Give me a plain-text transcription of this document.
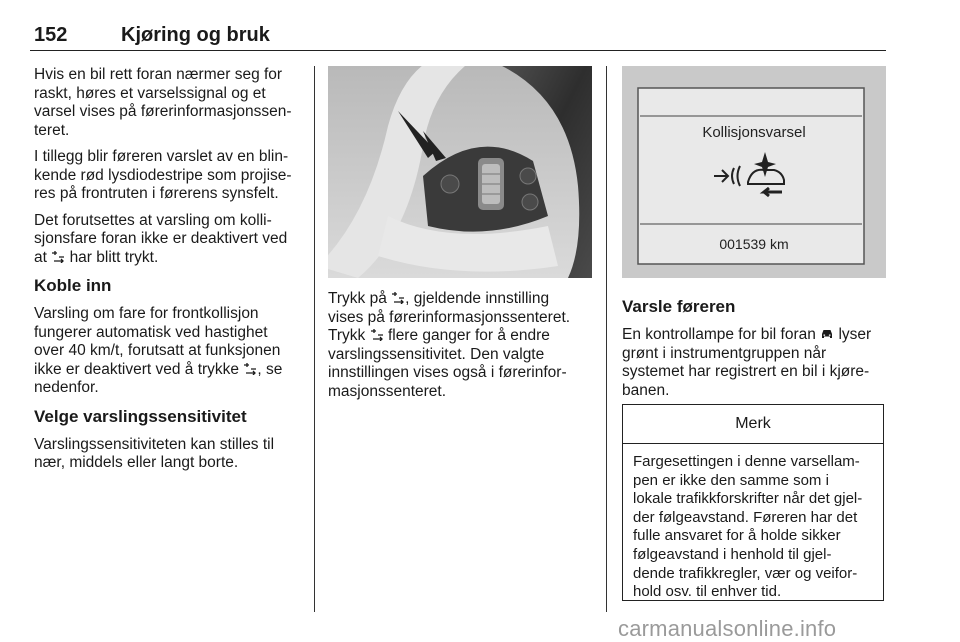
152	Kjøring og bruk

Hvis en bil rett foran nærmer seg for
raskt, høres et varselssignal og et
varsel vises på førerinformasjonssen-
teret.

I tillegg blir føreren varslet av en blin-
kende rød lysdiodestripe som projise-
res på frontruten i førerens synsfelt.

Det forutsettes at varsling om kolli-
sjonsfare foran ikke er deaktivert ved
at har blitt trykt.

Koble inn

Varsling om fare for frontkollisjon
fungerer automatisk ved hastighet
over 40 km/t, forutsatt at funksjonen
ikke er deaktivert ved å trykke , se
nedenfor.

Velge varslingssensitivitet

Varslingssensitiviteten kan stilles til
nær, middels eller langt borte.

Kollisjonsvarsel
001539 km
Trykk på , gjeldende innstilling
vises på førerinformasjonssenteret.
Trykk flere ganger for å endre
varslingssensitivitet. Den valgte
innstillingen vises også i førerinfor-
masjonssenteret.
Varsle føreren
En kontrollampe for bil foran lyser
grønt i instrumentgruppen når
systemet har registrert en bil i kjøre-
banen.
Merk
Fargesettingen i denne varsellam-
pen er ikke den samme som i
lokale trafikkforskrifter når det gjel-
der følgeavstand. Føreren har det
fulle ansvaret for å holde sikker
følgeavstand i henhold til gjel-
dende trafikkregler, vær og veifor-
hold osv. til enhver tid.
carmanualsonline.info
